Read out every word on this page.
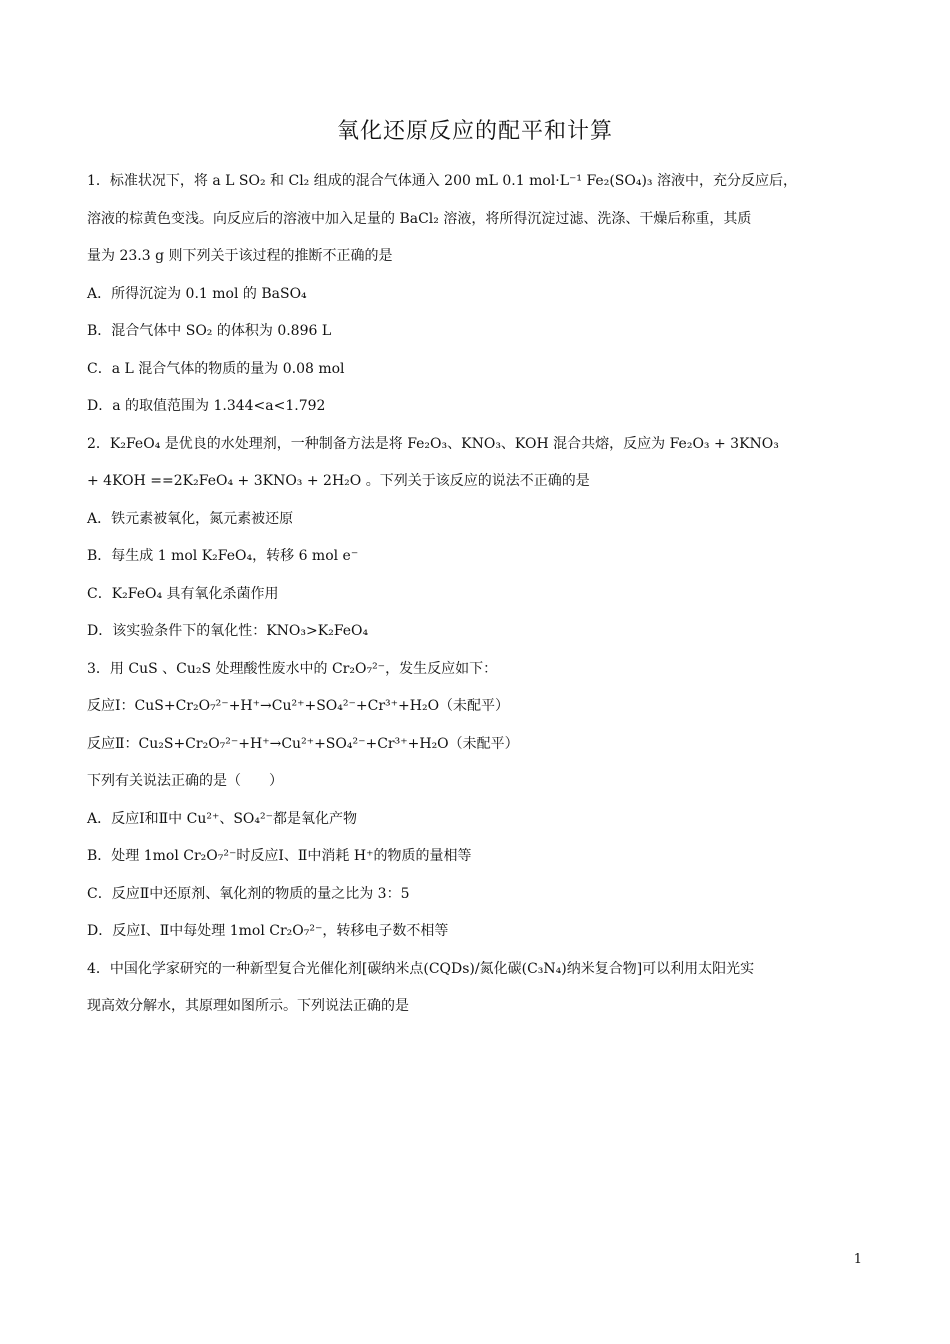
氧化还原反应的配平和计算
1．标准状况下，将 a L SO₂ 和 Cl₂ 组成的混合气体通入 200 mL 0.1 mol·L⁻¹ Fe₂(SO₄)₃ 溶液中，充分反应后，
溶液的棕黄色变浅。向反应后的溶液中加入足量的 BaCl₂ 溶液，将所得沉淀过滤、洗涤、干燥后称重，其质
量为 23.3 g 则下列关于该过程的推断不正确的是
A．所得沉淀为 0.1 mol 的 BaSO₄
B．混合气体中 SO₂ 的体积为 0.896 L
C．a L 混合气体的物质的量为 0.08 mol
D．a 的取值范围为 1.344<a<1.792
2．K₂FeO₄ 是优良的水处理剂，一种制备方法是将 Fe₂O₃、KNO₃、KOH 混合共熔，反应为 Fe₂O₃ + 3KNO₃
+ 4KOH ==2K₂FeO₄ + 3KNO₃ + 2H₂O 。下列关于该反应的说法不正确的是
A．铁元素被氧化，氮元素被还原
B．每生成 1 mol K₂FeO₄，转移 6 mol e⁻
C．K₂FeO₄ 具有氧化杀菌作用
D．该实验条件下的氧化性：KNO₃>K₂FeO₄
3．用 CuS 、Cu₂S 处理酸性废水中的 Cr₂O₇²⁻，发生反应如下：
反应Ⅰ：CuS+Cr₂O₇²⁻+H⁺→Cu²⁺+SO₄²⁻+Cr³⁺+H₂O（未配平）
反应Ⅱ：Cu₂S+Cr₂O₇²⁻+H⁺→Cu²⁺+SO₄²⁻+Cr³⁺+H₂O（未配平）
下列有关说法正确的是（　　）
A．反应Ⅰ和Ⅱ中 Cu²⁺、SO₄²⁻都是氧化产物
B．处理 1mol Cr₂O₇²⁻时反应Ⅰ、Ⅱ中消耗 H⁺的物质的量相等
C．反应Ⅱ中还原剂、氧化剂的物质的量之比为 3：5
D．反应Ⅰ、Ⅱ中每处理 1mol Cr₂O₇²⁻，转移电子数不相等
4．中国化学家研究的一种新型复合光催化剂[碳纳米点(CQDs)/氮化碳(C₃N₄)纳米复合物]可以利用太阳光实
现高效分解水，其原理如图所示。下列说法正确的是
1
